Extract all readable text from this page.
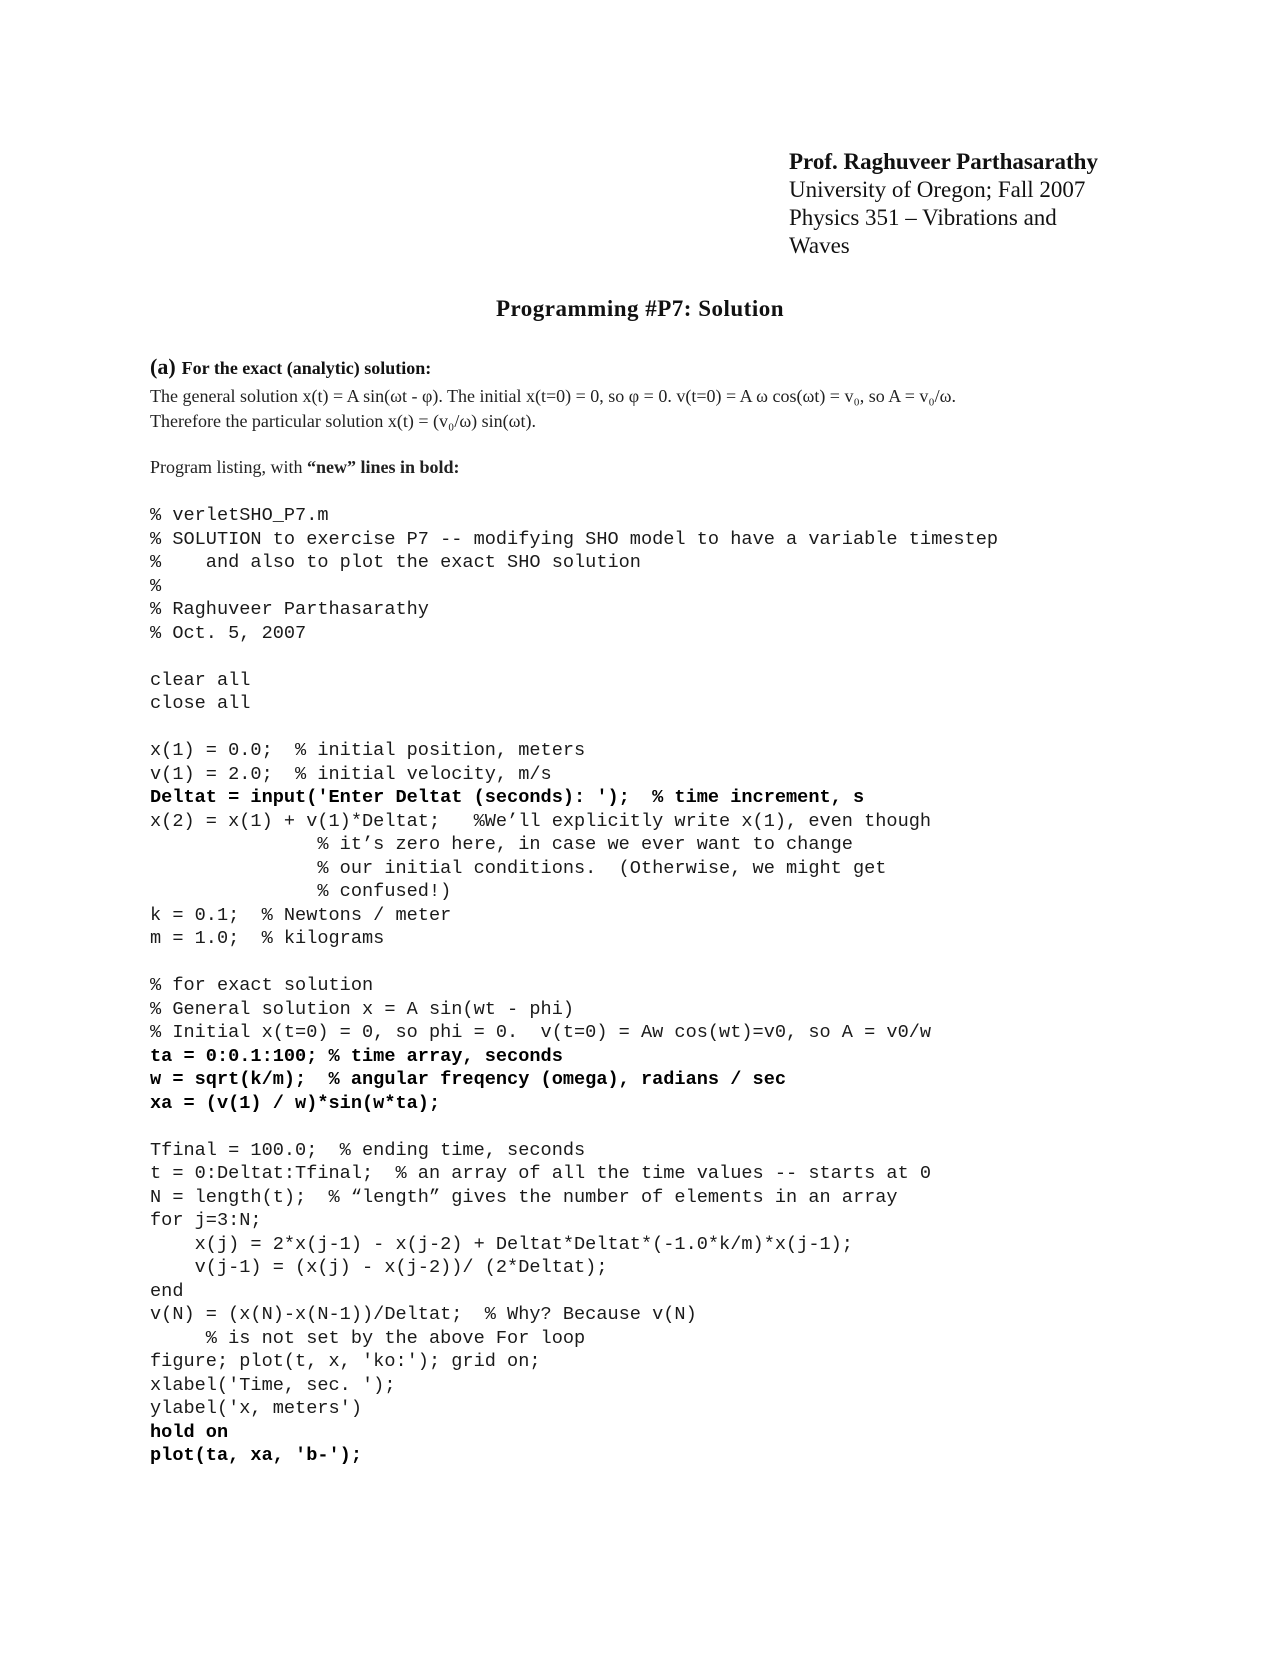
Prof. Raghuveer Parthasarathy
University of Oregon; Fall 2007
Physics 351 – Vibrations and
Waves
Programming #P7: Solution
(a) For the exact (analytic) solution:
The general solution x(t) = A sin(ωt - φ). The initial x(t=0) = 0, so φ = 0. v(t=0) = A ω cos(ωt) = v₀, so A = v₀/ω.
Therefore the particular solution x(t) = (v₀/ω) sin(ωt).
Program listing, with “new” lines in bold:
% verletSHO_P7.m
% SOLUTION to exercise P7 -- modifying SHO model to have a variable timestep
%    and also to plot the exact SHO solution
%
% Raghuveer Parthasarathy
% Oct. 5, 2007
clear all
close all
x(1) = 0.0;  % initial position, meters
v(1) = 2.0;  % initial velocity, m/s
Deltat = input('Enter Deltat (seconds): ');  % time increment, s
x(2) = x(1) + v(1)*Deltat;   %We’ll explicitly write x(1), even though
% it’s zero here, in case we ever want to change
% our initial conditions.  (Otherwise, we might get
% confused!)
k = 0.1;  % Newtons / meter
m = 1.0;  % kilograms
% for exact solution
% General solution x = A sin(wt - phi)
% Initial x(t=0) = 0, so phi = 0.  v(t=0) = Aw cos(wt)=v0, so A = v0/w
ta = 0:0.1:100; % time array, seconds
w = sqrt(k/m);  % angular freqency (omega), radians / sec
xa = (v(1) / w)*sin(w*ta);
Tfinal = 100.0;  % ending time, seconds
t = 0:Deltat:Tfinal;  % an array of all the time values -- starts at 0
N = length(t);  % “length” gives the number of elements in an array
for j=3:N;
x(j) = 2*x(j-1) - x(j-2) + Deltat*Deltat*(-1.0*k/m)*x(j-1);
v(j-1) = (x(j) - x(j-2))/ (2*Deltat);
end
v(N) = (x(N)-x(N-1))/Deltat;  % Why? Because v(N)
% is not set by the above For loop
figure; plot(t, x, 'ko:'); grid on;
xlabel('Time, sec. ');
ylabel('x, meters')
hold on
plot(ta, xa, 'b-');
